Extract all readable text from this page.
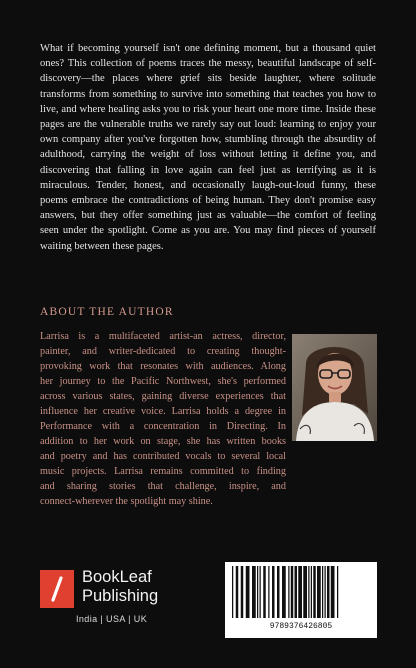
What if becoming yourself isn't one defining moment, but a thousand quiet ones? This collection of poems traces the messy, beautiful landscape of self-discovery—the places where grief sits beside laughter, where solitude transforms from something to survive into something that teaches you how to live, and where healing asks you to risk your heart one more time. Inside these pages are the vulnerable truths we rarely say out loud: learning to enjoy your own company after you've forgotten how, stumbling through the absurdity of adulthood, carrying the weight of loss without letting it define you, and discovering that falling in love again can feel just as terrifying as it is miraculous. Tender, honest, and occasionally laugh-out-loud funny, these poems embrace the contradictions of being human. They don't promise easy answers, but they offer something just as valuable—the comfort of feeling seen under the spotlight. Come as you are. You may find pieces of yourself waiting between these pages.

ABOUT THE AUTHOR

Larrisa is a multifaceted artist-an actress, director,
painter, and writer-dedicated to creating thought-
provoking work that resonates with audiences. Along
her journey to the Pacific Northwest, she's performed
across various states, gaining diverse experiences that
influence her creative voice. Larrisa holds a degree in
Performance with a concentration in Directing. In
addition to her work on stage, she has written books
and poetry and has contributed vocals to several local
music projects. Larrisa remains committed to finding
and sharing stories that challenge, inspire, and
connect-wherever the spotlight may shine.

BookLeaf
Publishing
India | USA | UK
9789376426805
